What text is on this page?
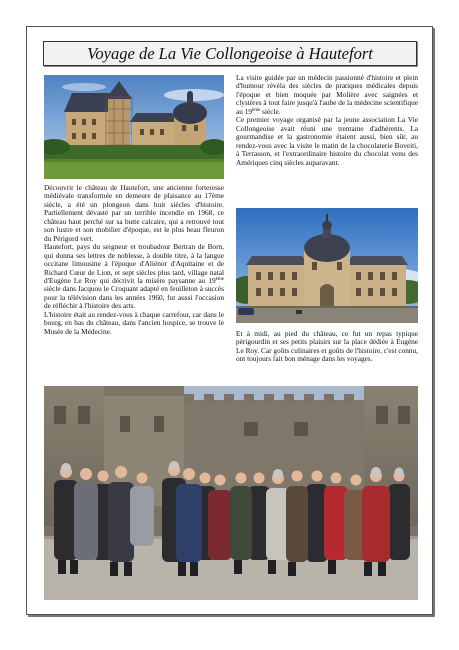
Voyage de La Vie Collongeoise à Hautefort

Découvrir le château de Hautefort, une ancienne forteresse médiévale transformée en demeure de plaisance au 17ème siècle, a été un plongeon dans huit siècles d'histoire. Partiellement dévasté par un terrible incendie en 1968, ce château haut perché sur sa butte calcaire, qui a retrouvé tout son lustre et son mobilier d'époque, est le plus beau fleuron du Périgord vert.

Hautefort, pays du seigneur et troubadour Bertran de Born, qui donna ses lettres de noblesse, à double titre, à la langue occitane limousine à l'époque d'Aliénor d'Aquitaine et de Richard Cœur de Lion, et sept siècles plus tard, village natal d'Eugène Le Roy qui décrivit la misère paysanne au 19ème siècle dans Jacquou le Croquant adapté en feuilleton à succès pour la télévision dans les années 1960, fut aussi l'occasion de réfléchir à l'histoire des arts.

L'histoire était au rendez-vous à chaque carrefour, car dans le bourg, en bas du château, dans l'ancien hospice, se trouve le Musée de la Médecine.

La visite guidée par un médecin passionné d'histoire et plein d'humour révéla des siècles de pratiques médicales depuis l'époque et bien moquée par Molière avec saignées et clystères à tout faire jusqu'à l'aube de la médecine scientifique au 19ème siècle.

Ce premier voyage organisé par la jeune association La Vie Collongeoise avait réuni une trentaine d'adhérents. La gourmandise et la gastronomie étaient aussi, bien sûr, au rendez-vous avec la visite le matin de la chocolaterie Boveiti, à Terrasson, et l'extraordinaire histoire du chocolat venu des Amériques cinq siècles auparavant.

Et à midi, au pied du château, ce fut un repas typique périgourdin et ses petits plaisirs sur la place dédiée à Eugène Le Roy. Car goûts culinaires et goûts de l'histoire, c'est connu, ont toujours fait bon ménage dans les voyages.
